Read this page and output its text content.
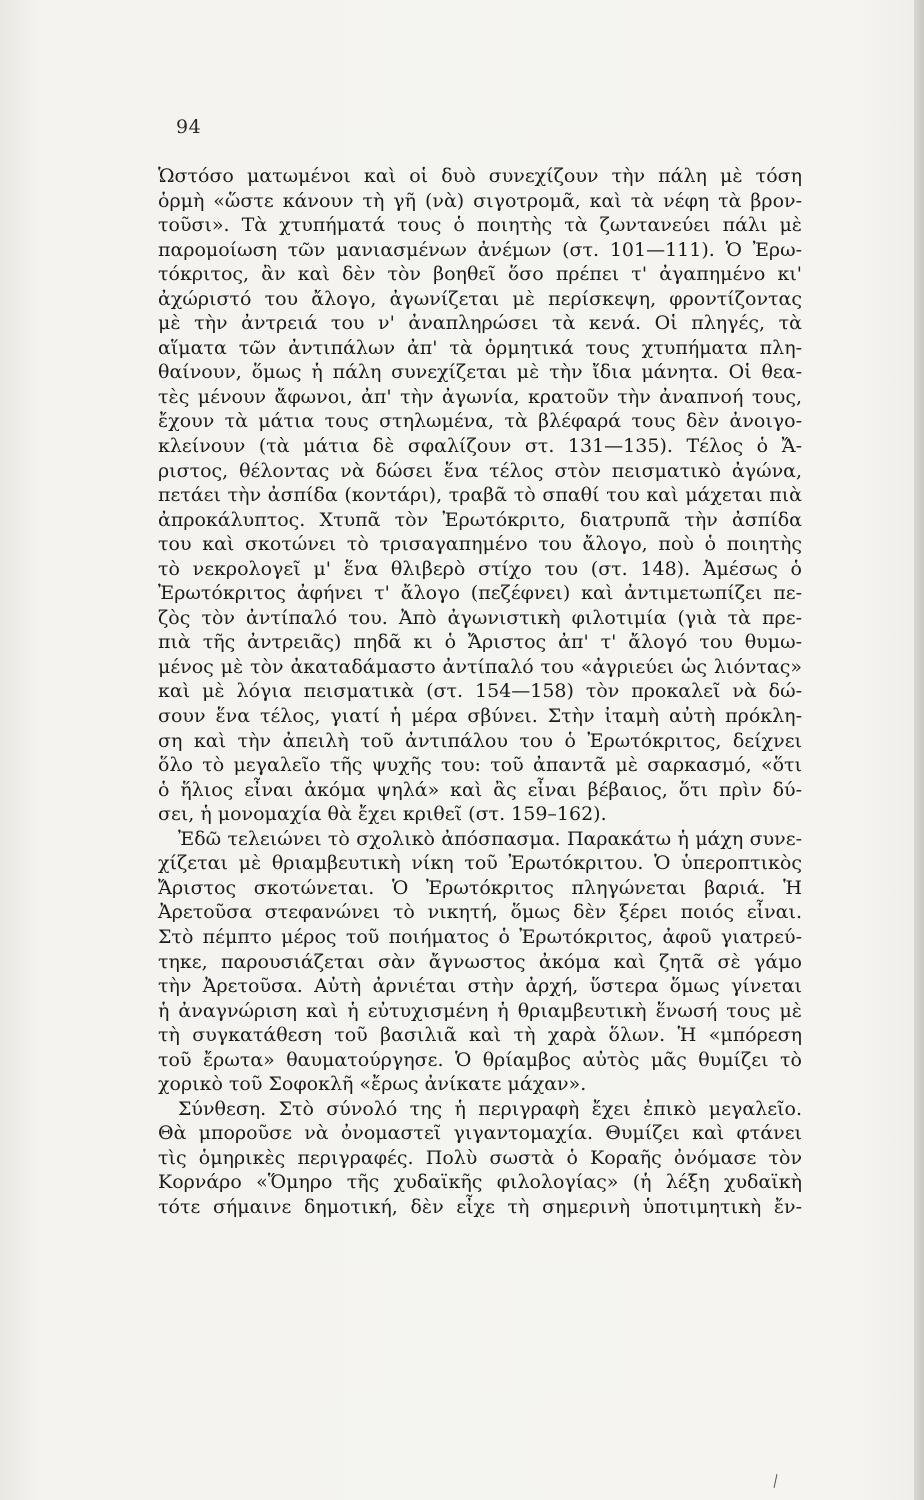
94
Ὡστόσο ματωμένοι καὶ οἱ δυὸ συνεχίζουν τὴν πάλη μὲ τόση
ὁρμὴ «ὥστε κάνουν τὴ γῆ (νὰ) σιγοτρομᾶ, καὶ τὰ νέφη τὰ βρον-
τοῦσι». Τὰ χτυπήματά τους ὁ ποιητὴς τὰ ζωντανεύει πάλι μὲ
παρομοίωση τῶν μανιασμένων ἀνέμων (στ. 101—111). Ὁ Ἐρω-
τόκριτος, ἂν καὶ δὲν τὸν βοηθεῖ ὅσο πρέπει τ' ἀγαπημένο κι'
ἀχώριστό του ἄλογο, ἀγωνίζεται μὲ περίσκεψη, φροντίζοντας
μὲ τὴν ἀντρειά του ν' ἀναπληρώσει τὰ κενά. Οἱ πληγές, τὰ
αἵματα τῶν ἀντιπάλων ἀπ' τὰ ὁρμητικά τους χτυπήματα πλη-
θαίνουν, ὅμως ἡ πάλη συνεχίζεται μὲ τὴν ἴδια μάνητα. Οἱ θεα-
τὲς μένουν ἄφωνοι, ἀπ' τὴν ἀγωνία, κρατοῦν τὴν ἀναπνοή τους,
ἔχουν τὰ μάτια τους στηλωμένα, τὰ βλέφαρά τους δὲν ἀνοιγο-
κλείνουν (τὰ μάτια δὲ σφαλίζουν στ. 131—135). Τέλος ὁ Ἄ-
ριστος, θέλοντας νὰ δώσει ἕνα τέλος στὸν πεισματικὸ ἀγώνα,
πετάει τὴν ἀσπίδα (κοντάρι), τραβᾶ τὸ σπαθί του καὶ μάχεται πιὰ
ἀπροκάλυπτος. Χτυπᾶ τὸν Ἐρωτόκριτο, διατρυπᾶ τὴν ἀσπίδα
του καὶ σκοτώνει τὸ τρισαγαπημένο του ἄλογο, ποὺ ὁ ποιητὴς
τὸ νεκρολογεῖ μ' ἕνα θλιβερὸ στίχο του (στ. 148). Ἀμέσως ὁ
Ἐρωτόκριτος ἀφήνει τ' ἄλογο (πεζέφνει) καὶ ἀντιμετωπίζει πε-
ζὸς τὸν ἀντίπαλό του. Ἀπὸ ἀγωνιστικὴ φιλοτιμία (γιὰ τὰ πρε-
πιὰ τῆς ἀντρειᾶς) πηδᾶ κι ὁ Ἄριστος ἀπ' τ' ἄλογό του θυμω-
μένος μὲ τὸν ἀκαταδάμαστο ἀντίπαλό του «ἀγριεύει ὡς λιόντας»
καὶ μὲ λόγια πεισματικὰ (στ. 154—158) τὸν προκαλεῖ νὰ δώ-
σουν ἕνα τέλος, γιατί ἡ μέρα σβύνει. Στὴν ἰταμὴ αὐτὴ πρόκλη-
ση καὶ τὴν ἀπειλὴ τοῦ ἀντιπάλου του ὁ Ἐρωτόκριτος, δείχνει
ὅλο τὸ μεγαλεῖο τῆς ψυχῆς του: τοῦ ἀπαντᾶ μὲ σαρκασμό, «ὅτι
ὁ ἥλιος εἶναι ἀκόμα ψηλά» καὶ ἂς εἶναι βέβαιος, ὅτι πρὶν δύ-
σει, ἡ μονομαχία θὰ ἔχει κριθεῖ (στ. 159–162).
Ἐδῶ τελειώνει τὸ σχολικὸ ἀπόσπασμα. Παρακάτω ἡ μάχη συνε-
χίζεται μὲ θριαμβευτικὴ νίκη τοῦ Ἐρωτόκριτου. Ὁ ὑπεροπτικὸς
Ἄριστος σκοτώνεται. Ὁ Ἐρωτόκριτος πληγώνεται βαριά. Ἡ
Ἀρετοῦσα στεφανώνει τὸ νικητή, ὅμως δὲν ξέρει ποιός εἶναι.
Στὸ πέμπτο μέρος τοῦ ποιήματος ὁ Ἐρωτόκριτος, ἀφοῦ γιατρεύ-
τηκε, παρουσιάζεται σὰν ἄγνωστος ἀκόμα καὶ ζητᾶ σὲ γάμο
τὴν Ἀρετοῦσα. Αὐτὴ ἀρνιέται στὴν ἀρχή, ὕστερα ὅμως γίνεται
ἡ ἀναγνώριση καὶ ἡ εὐτυχισμένη ἡ θριαμβευτικὴ ἕνωσή τους μὲ
τὴ συγκατάθεση τοῦ βασιλιᾶ καὶ τὴ χαρὰ ὅλων. Ἡ «μπόρεση
τοῦ ἔρωτα» θαυματούργησε. Ὁ θρίαμβος αὐτὸς μᾶς θυμίζει τὸ
χορικὸ τοῦ Σοφοκλῆ «ἔρως ἀνίκατε μάχαν».
Σύνθεση. Στὸ σύνολό της ἡ περιγραφὴ ἔχει ἐπικὸ μεγαλεῖο.
Θὰ μποροῦσε νὰ ὀνομαστεῖ γιγαντομαχία. Θυμίζει καὶ φτάνει
τὶς ὁμηρικὲς περιγραφές. Πολὺ σωστὰ ὁ Κοραῆς ὀνόμασε τὸν
Κορνάρο «Ὅμηρο τῆς χυδαϊκῆς φιλολογίας» (ἡ λέξη χυδαϊκὴ
τότε σήμαινε δημοτική, δὲν εἶχε τὴ σημερινὴ ὑποτιμητικὴ ἔν-
